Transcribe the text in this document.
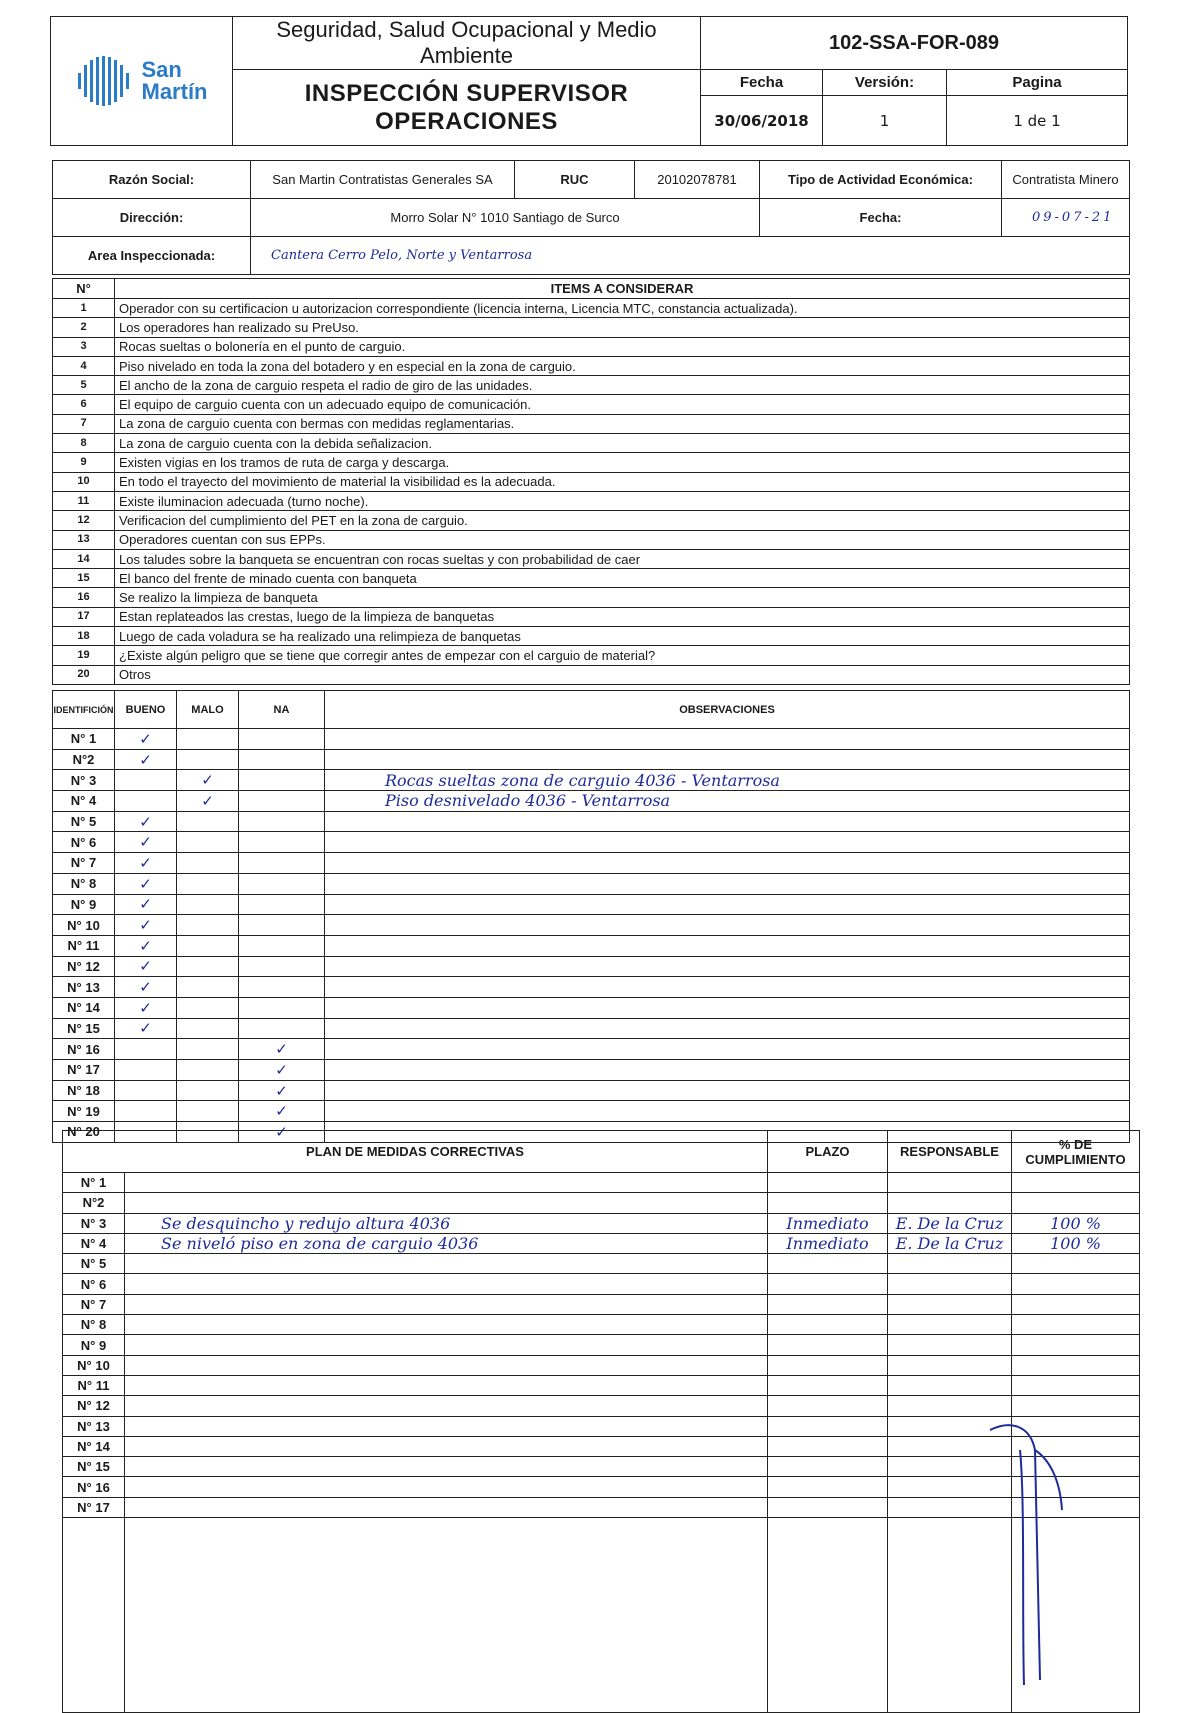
San
Martín	Seguridad, Salud Ocupacional y Medio Ambiente	102-SSA-FOR-089		
	INSPECCIÓN SUPERVISOR OPERACIONES	Fecha	Versión:	Pagina
		30/06/2018	1	1 de 1
Razón Social:	San Martin Contratistas Generales SA	RUC	20102078781	Tipo de Actividad Económica:	Contratista Minero
Dirección:	Morro Solar N° 1010 Santiago de Surco			Fecha:	09-07-21
Area Inspeccionada:	Cantera Cerro Pelo, Norte y Ventarrosa				
N°	ITEMS A CONSIDERAR
1	Operador con su certificacion u autorizacion correspondiente (licencia interna, Licencia MTC, constancia actualizada).
2	Los operadores han realizado su PreUso.
3	Rocas sueltas o bolonería en el punto de carguio.
4	Piso nivelado en toda la zona del botadero y en especial en la zona de carguio.
5	El ancho de la zona de carguio respeta el radio de giro de las unidades.
6	El equipo de carguio cuenta con un adecuado equipo de comunicación.
7	La zona de carguio cuenta con bermas con medidas reglamentarias.
8	La zona de carguio cuenta con la debida señalizacion.
9	Existen vigias en los tramos de ruta de carga y descarga.
10	En todo el trayecto del movimiento de material la visibilidad es la adecuada.
11	Existe iluminacion adecuada (turno noche).
12	Verificacion del cumplimiento del PET en la zona de carguio.
13	Operadores cuentan con sus EPPs.
14	Los taludes sobre la banqueta se encuentran con rocas sueltas y con probabilidad de caer
15	El banco del frente de minado cuenta con banqueta
16	Se realizo la limpieza de banqueta
17	Estan replateados las crestas, luego de la limpieza de banquetas
18	Luego de cada voladura se ha realizado una relimpieza de banquetas
19	¿Existe algún peligro que se tiene que corregir antes de empezar con el carguio de material?
20	Otros
IDENTIFICIÓN	BUENO	MALO	NA	OBSERVACIONES
N° 1	✓			
N°2	✓			
N° 3		✓		Rocas sueltas zona de carguio 4036 - Ventarrosa
N° 4		✓		Piso desnivelado 4036 - Ventarrosa
N° 5	✓			
N° 6	✓			
N° 7	✓			
N° 8	✓			
N° 9	✓			
N° 10	✓			
N° 11	✓			
N° 12	✓			
N° 13	✓			
N° 14	✓			
N° 15	✓			
N° 16			✓	
N° 17			✓	
N° 18			✓	
N° 19			✓	
N° 20			✓	
PLAN DE MEDIDAS CORRECTIVAS		PLAZO	RESPONSABLE	% DE CUMPLIMIENTO
N° 1				
N°2				
N° 3	Se desquincho y redujo altura 4036	Inmediato	E. De la Cruz	100 %
N° 4	Se niveló piso en zona de carguio 4036	Inmediato	E. De la Cruz	100 %
N° 5				
N° 6				
N° 7				
N° 8				
N° 9				
N° 10				
N° 11				
N° 12				
N° 13				
N° 14				
N° 15				
N° 16				
N° 17				
